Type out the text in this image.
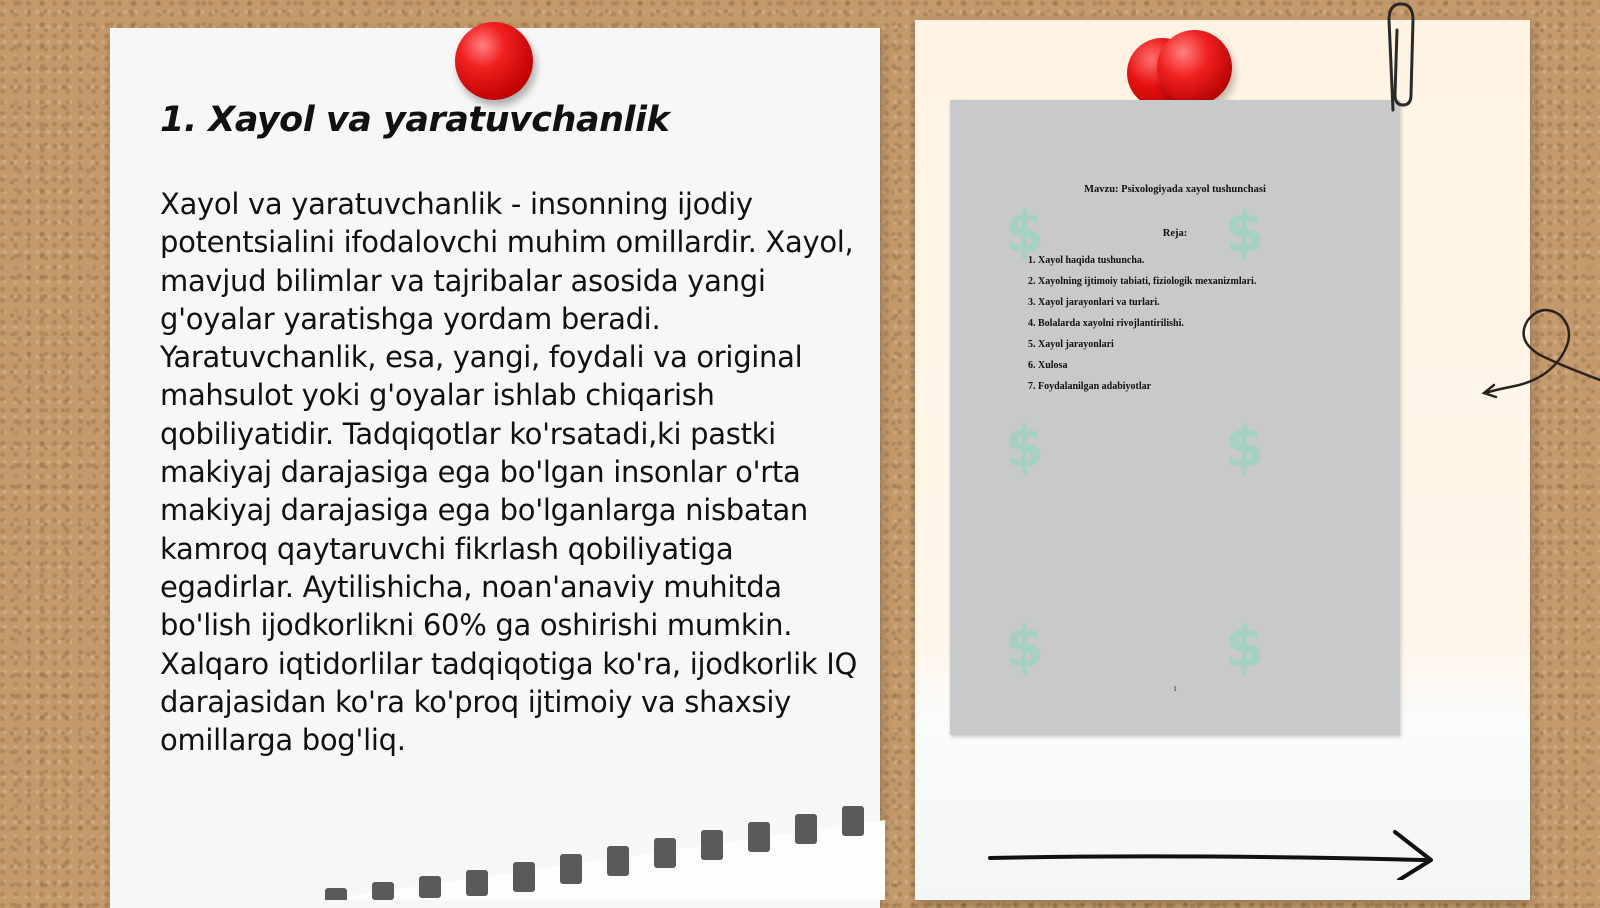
1. Xayol va yaratuvchanlik

Xayol va yaratuvchanlik - insonning ijodiy potentsialini ifodalovchi muhim omillardir. Xayol, mavjud bilimlar va tajribalar asosida yangi g'oyalar yaratishga yordam beradi. Yaratuvchanlik, esa, yangi, foydali va original mahsulot yoki g'oyalar ishlab chiqarish qobiliyatidir. Tadqiqotlar ko'rsatadi,ki pastki makiyaj darajasiga ega bo'lgan insonlar o'rta makiyaj darajasiga ega bo'lganlarga nisbatan kamroq qaytaruvchi fikrlash qobiliyatiga egadirlar. Aytilishicha, noan'anaviy muhitda bo'lish ijodkorlikni 60% ga oshirishi mumkin. Xalqaro iqtidorlilar tadqiqotiga ko'ra, ijodkorlik IQ darajasidan ko'ra ko'proq ijtimoiy va shaxsiy omillarga bog'liq.

$	$
$	$
$	$
Mavzu: Psixologiyada xayol tushunchasi
Reja:
1. Xayol haqida tushuncha.
2. Xayolning ijtimoiy tabiati, fiziologik mexanizmlari.
3. Xayol jarayonlari va turlari.
4. Bolalarda xayolni rivojlantirilishi.
5. Xayol jarayonlari
6. Xulosa
7. Foydalanilgan adabiyotlar
1
